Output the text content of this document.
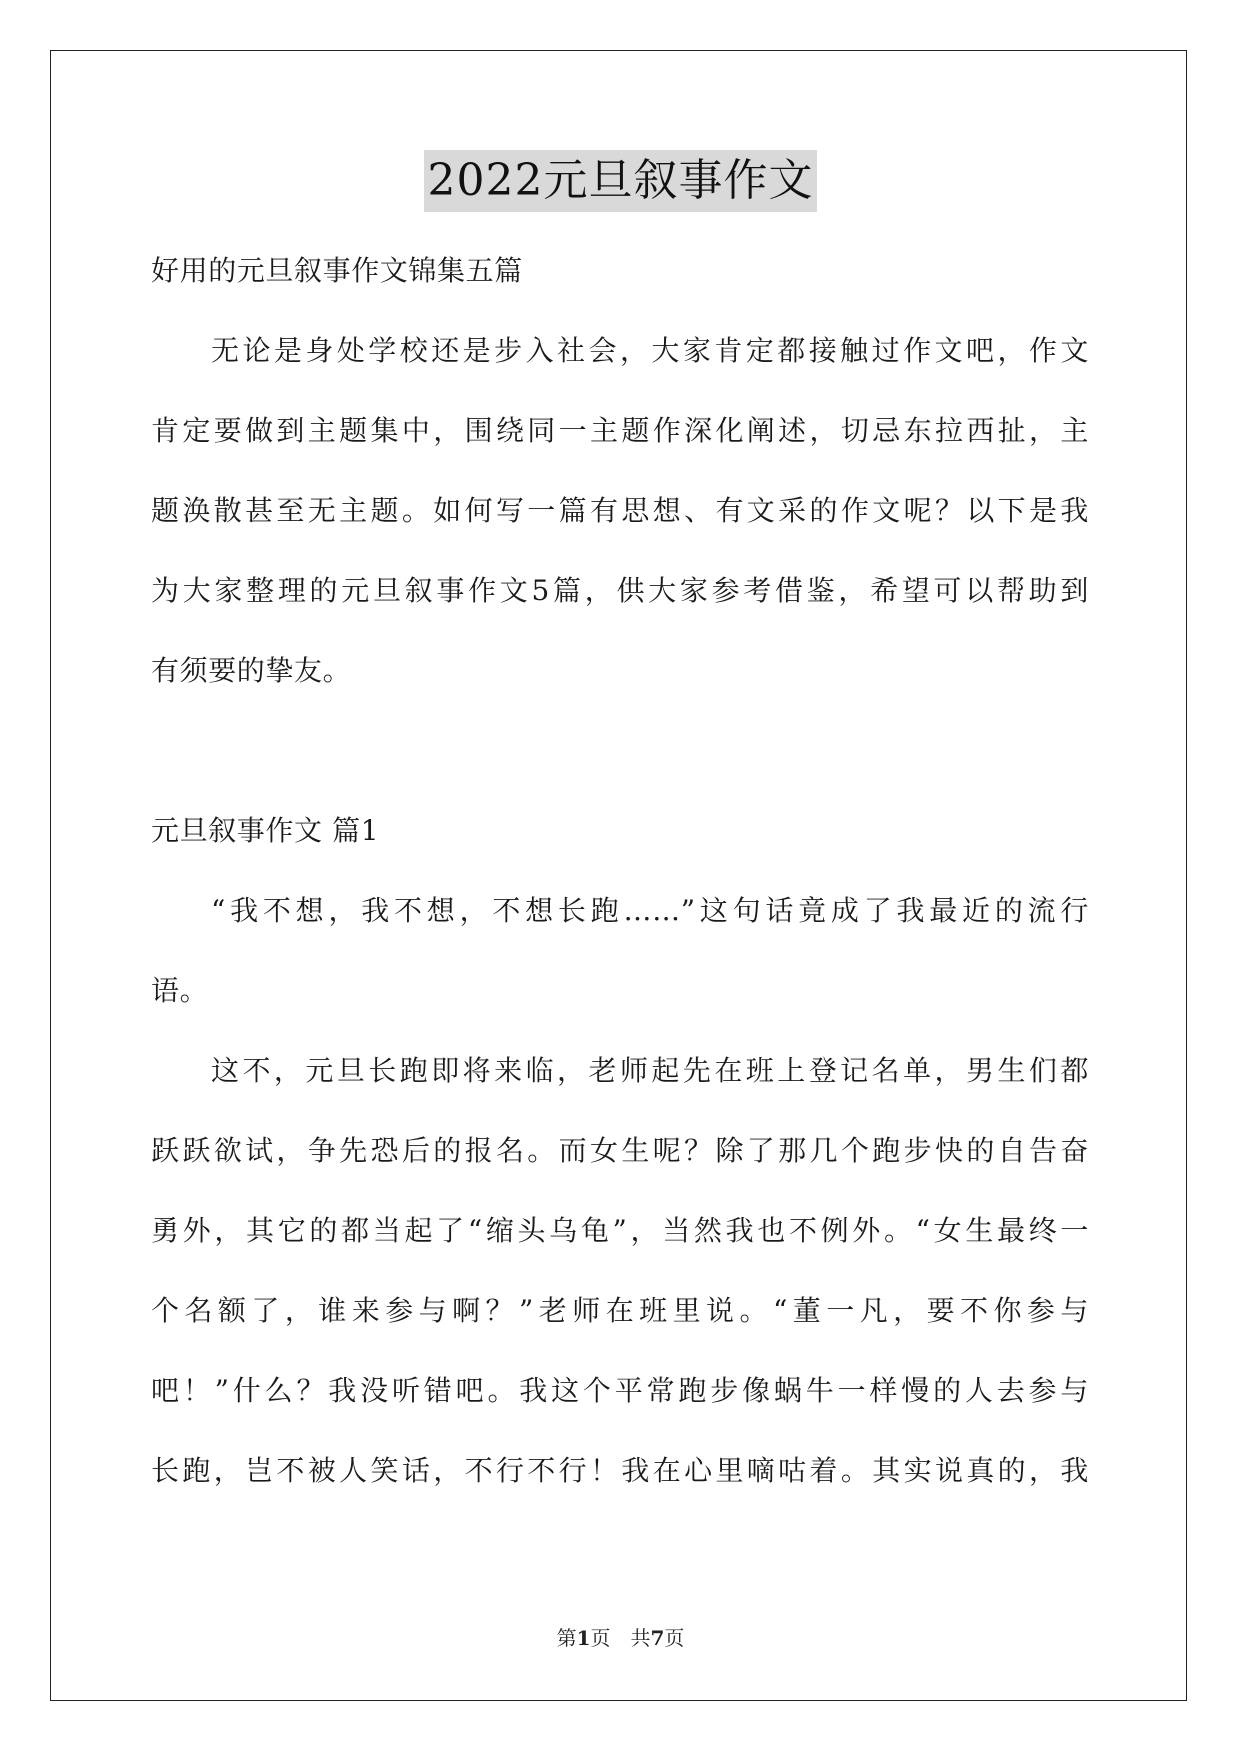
2022元旦叙事作文
好用的元旦叙事作文锦集五篇
无论是身处学校还是步入社会，大家肯定都接触过作文吧，作文
肯定要做到主题集中，围绕同一主题作深化阐述，切忌东拉西扯，主
题涣散甚至无主题。如何写一篇有思想、有文采的作文呢？以下是我
为大家整理的元旦叙事作文5篇，供大家参考借鉴，希望可以帮助到
有须要的挚友。
元旦叙事作文 篇1
“我不想，我不想，不想长跑……”这句话竟成了我最近的流行
语。
这不，元旦长跑即将来临，老师起先在班上登记名单，男生们都
跃跃欲试，争先恐后的报名。而女生呢？除了那几个跑步快的自告奋
勇外，其它的都当起了“缩头乌龟”，当然我也不例外。“女生最终一
个名额了，谁来参与啊？”老师在班里说。“董一凡，要不你参与
吧！”什么？我没听错吧。我这个平常跑步像蜗牛一样慢的人去参与
长跑，岂不被人笑话，不行不行！我在心里嘀咕着。其实说真的，我
第1页 共7页
